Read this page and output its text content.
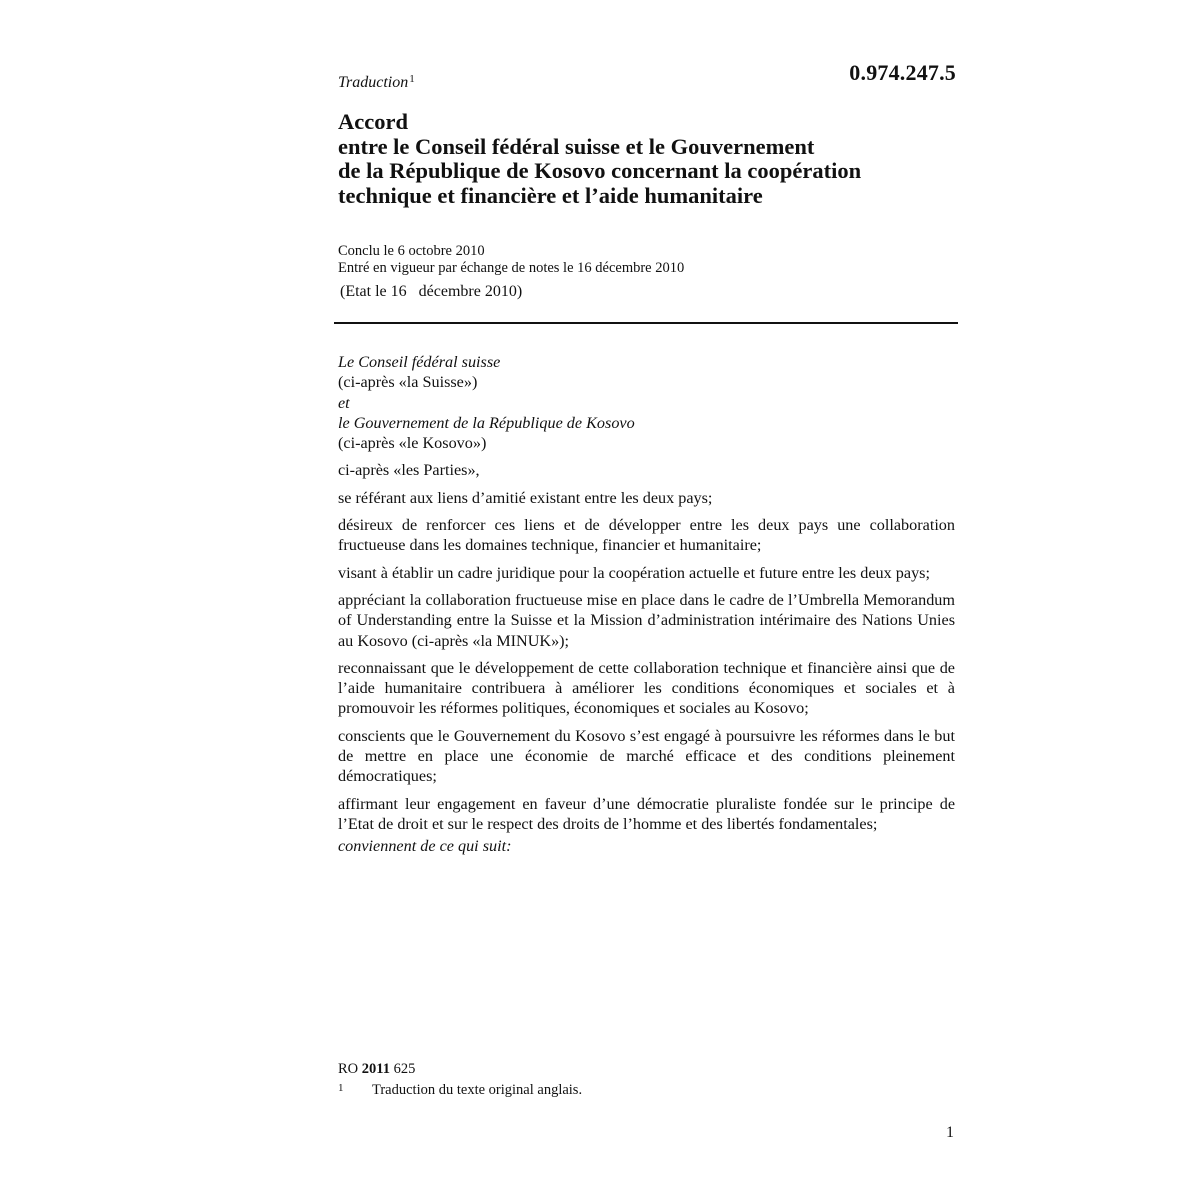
0.974.247.5
Traduction$^1$
Accord
entre le Conseil fédéral suisse et le Gouvernement
de la République de Kosovo concernant la coopération
technique et financière et l’aide humanitaire
Conclu le 6 octobre 2010
Entré en vigueur par échange de notes le 16 décembre 2010
(Etat le 16   décembre 2010)

Le Conseil fédéral suisse

(ci-après «la Suisse»)

et

le Gouvernement de la République de Kosovo

(ci-après «le Kosovo»)

ci-après «les Parties»,

se référant aux liens d’amitié existant entre les deux pays;

désireux de renforcer ces liens et de développer entre les deux pays une collaboration fructueuse dans les domaines technique, financier et humanitaire;

visant à établir un cadre juridique pour la coopération actuelle et future entre les deux pays;

appréciant la collaboration fructueuse mise en place dans le cadre de l’Umbrella Memorandum of Understanding entre la Suisse et la Mission d’administration intérimaire des Nations Unies au Kosovo (ci-après «la MINUK»);

reconnaissant que le développement de cette collaboration technique et financière ainsi que de l’aide humanitaire contribuera à améliorer les conditions économiques et sociales et à promouvoir les réformes politiques, économiques et sociales au Kosovo;

conscients que le Gouvernement du Kosovo s’est engagé à poursuivre les réformes dans le but de mettre en place une économie de marché efficace et des conditions pleinement démocratiques;

affirmant leur engagement en faveur d’une démocratie pluraliste fondée sur le principe de l’Etat de droit et sur le respect des droits de l’homme et des libertés fondamentales;

conviennent de ce qui suit:

RO 2011 625
1	Traduction du texte original anglais.
1
